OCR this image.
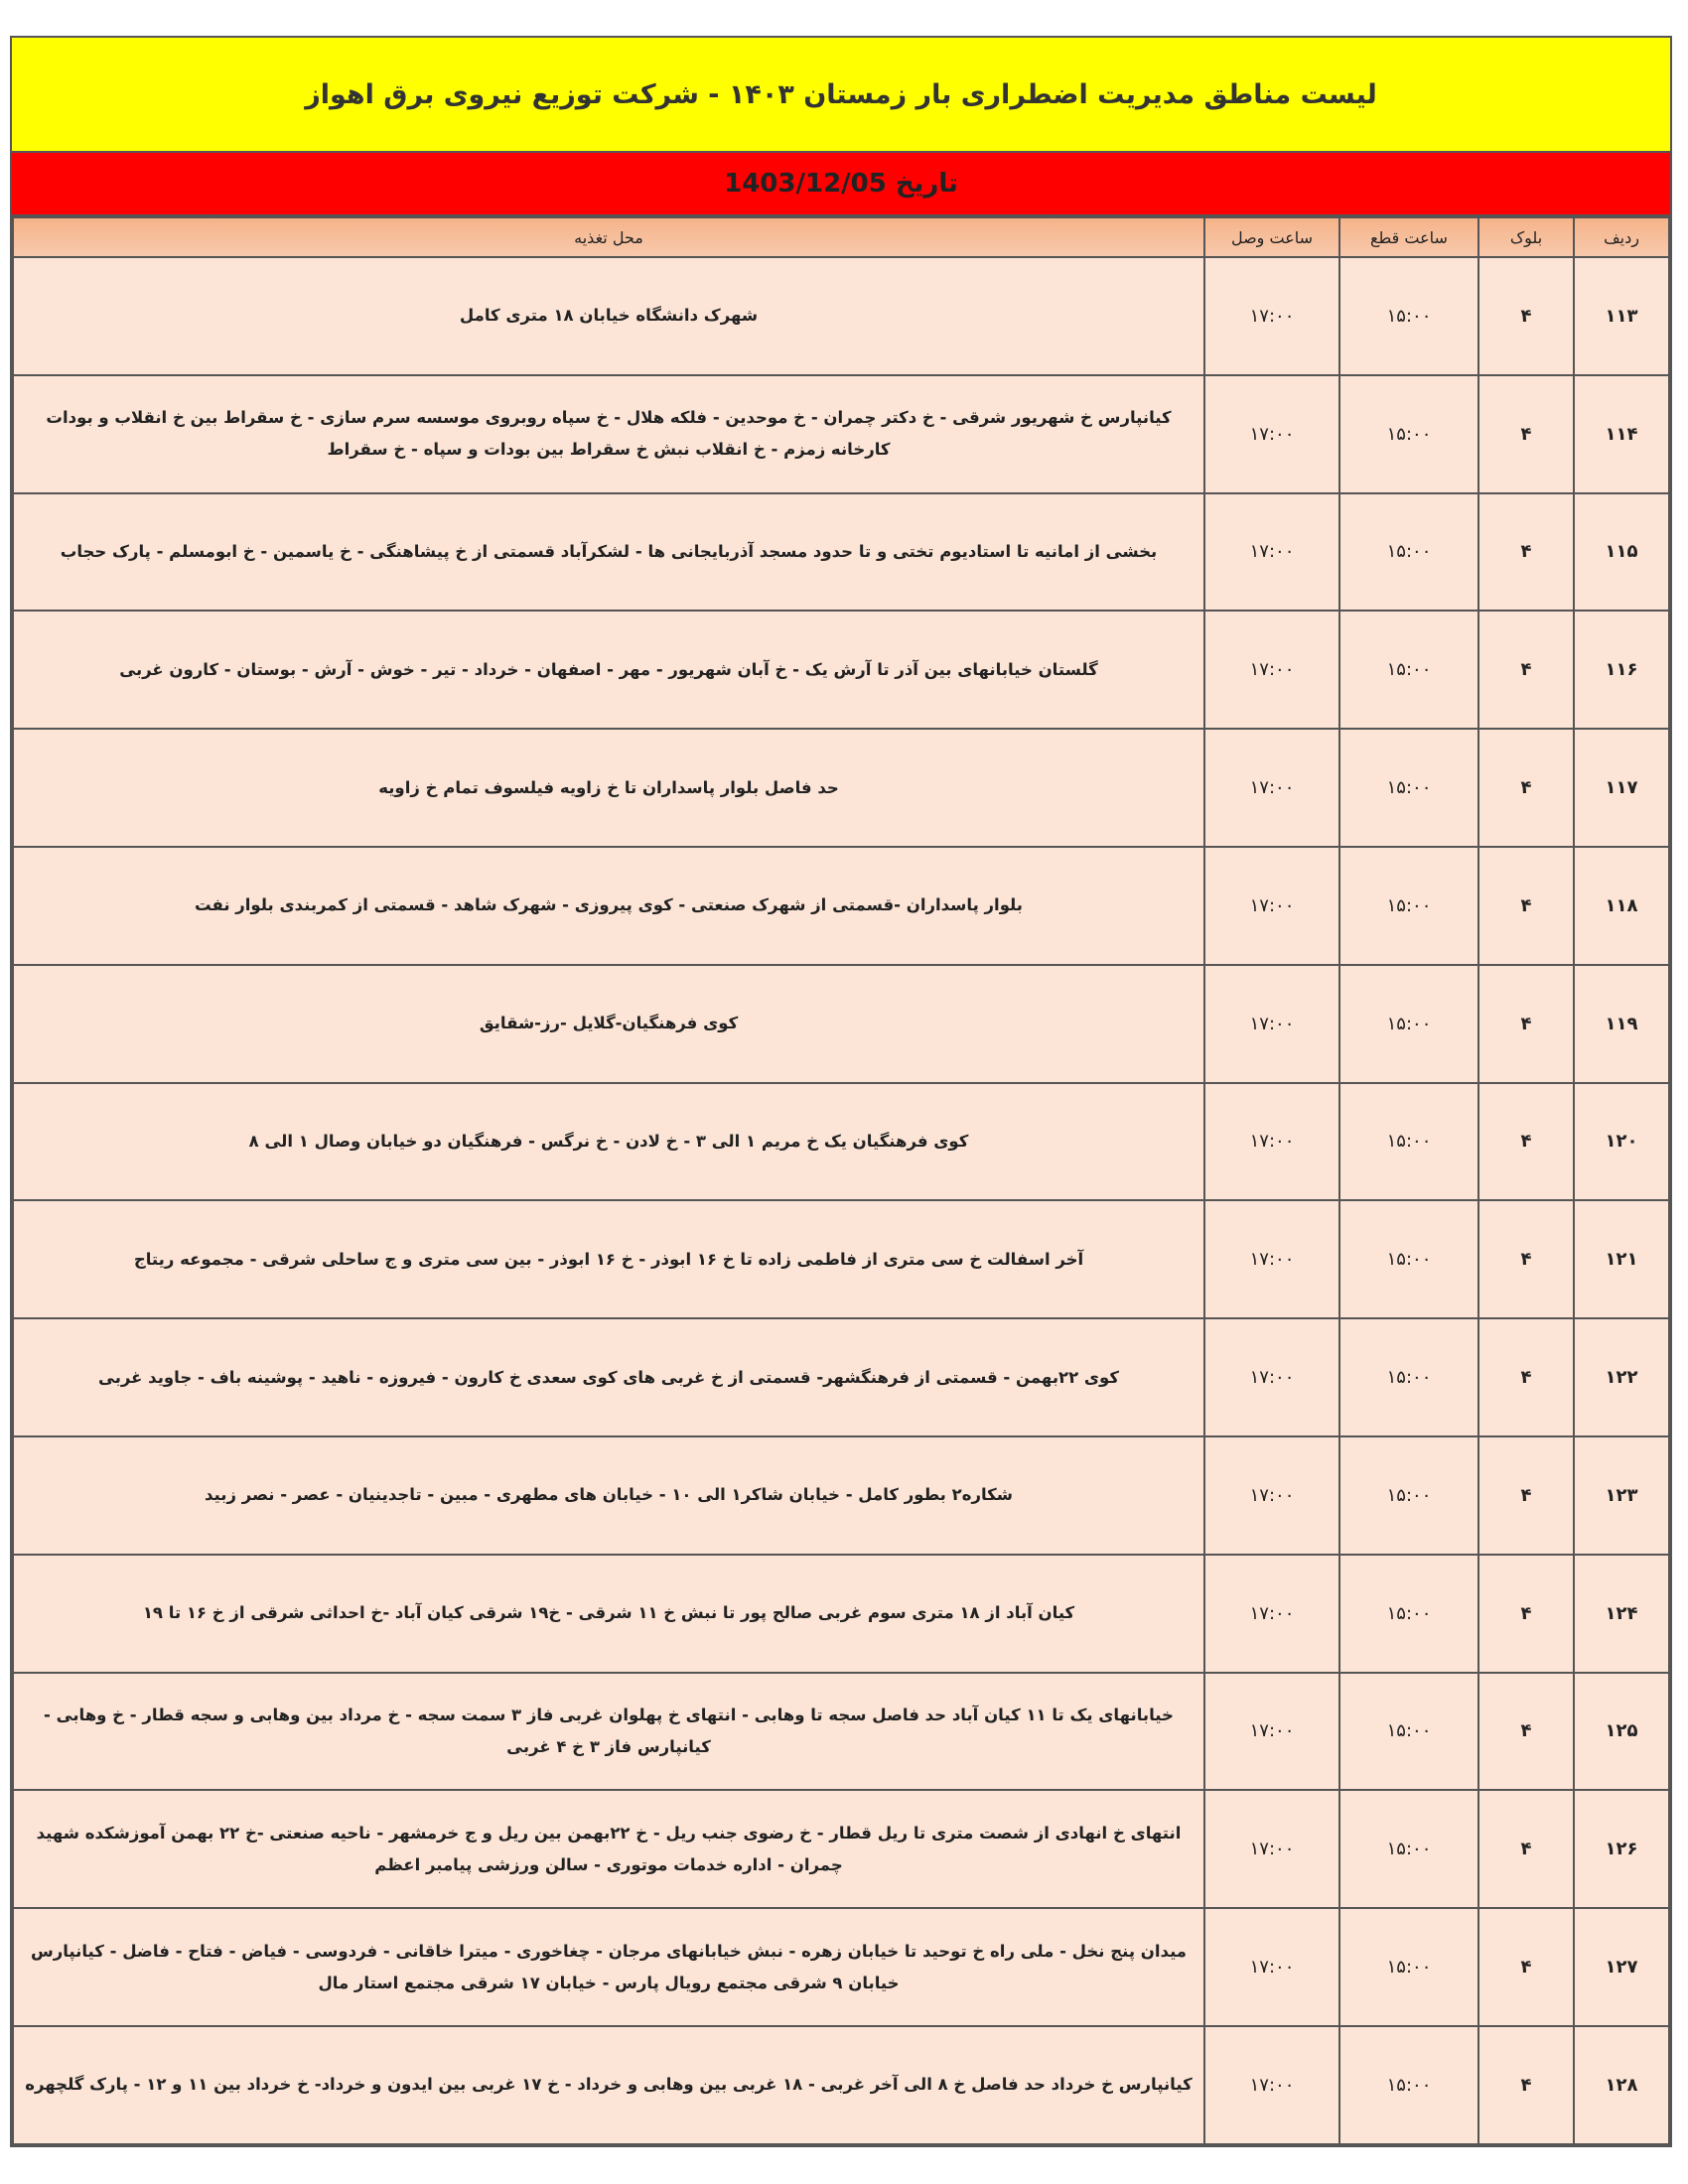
لیست مناطق مدیریت اضطراری بار زمستان ۱۴۰۳ - شرکت توزیع نیروی برق اهواز
تاریخ 1403/12/05
ردیف	بلوک	ساعت قطع	ساعت وصل	محل تغذیه
۱۱۳	۴	۱۵:۰۰	۱۷:۰۰	شهرک دانشگاه خیابان ۱۸ متری کامل
۱۱۴	۴	۱۵:۰۰	۱۷:۰۰	کیانپارس خ شهریور شرقی - خ دکتر چمران - خ موحدین - فلکه هلال - خ سپاه روبروی موسسه سرم سازی - خ سقراط بین خ انقلاب و بودات کارخانه زمزم - خ انقلاب نبش خ سقراط بین بودات و سپاه - خ سقراط
۱۱۵	۴	۱۵:۰۰	۱۷:۰۰	بخشی از امانیه تا استادیوم تختی و تا حدود مسجد آذربایجانی ها - لشکرآباد قسمتی از خ پیشاهنگی - خ یاسمین - خ ابومسلم - پارک حجاب
۱۱۶	۴	۱۵:۰۰	۱۷:۰۰	گلستان خیابانهای بین آذر تا آرش یک - خ آبان شهریور - مهر - اصفهان - خرداد - تیر - خوش - آرش - بوستان - کارون غربی
۱۱۷	۴	۱۵:۰۰	۱۷:۰۰	حد فاصل بلوار پاسداران تا خ زاویه فیلسوف تمام خ زاویه
۱۱۸	۴	۱۵:۰۰	۱۷:۰۰	بلوار پاسداران -قسمتی از شهرک صنعتی - کوی پیروزی - شهرک شاهد - قسمتی از کمربندی بلوار نفت
۱۱۹	۴	۱۵:۰۰	۱۷:۰۰	کوی فرهنگیان-گلایل -رز-شقایق
۱۲۰	۴	۱۵:۰۰	۱۷:۰۰	کوی فرهنگیان یک خ مریم ۱ الی ۳ - خ لادن - خ نرگس - فرهنگیان دو خیابان وصال ۱ الی ۸
۱۲۱	۴	۱۵:۰۰	۱۷:۰۰	آخر اسفالت خ سی متری از فاطمی زاده تا خ ۱۶ ابوذر - خ ۱۶ ابوذر - بین سی متری و ج ساحلی شرقی - مجموعه ریتاج
۱۲۲	۴	۱۵:۰۰	۱۷:۰۰	کوی ۲۲بهمن - قسمتی از فرهنگشهر- قسمتی از خ غربی های کوی سعدی خ کارون - فیروزه - ناهید - پوشینه باف - جاوید غربی
۱۲۳	۴	۱۵:۰۰	۱۷:۰۰	شکاره۲ بطور کامل - خیابان شاکر۱ الی ۱۰ - خیابان های مطهری - مبین - تاجدینیان - عصر - نصر زبید
۱۲۴	۴	۱۵:۰۰	۱۷:۰۰	کیان آباد از ۱۸ متری سوم غربی صالح پور تا نبش خ ۱۱ شرقی - خ۱۹ شرقی کیان آباد -خ احداثی شرقی از خ ۱۶ تا ۱۹
۱۲۵	۴	۱۵:۰۰	۱۷:۰۰	خیابانهای یک تا ۱۱ کیان آباد حد فاصل سجه تا وهابی - انتهای خ پهلوان غربی فاز ۳ سمت سجه - خ مرداد بین وهابی و سجه قطار - خ وهابی - کیانپارس فاز ۳ خ ۴ غربی
۱۲۶	۴	۱۵:۰۰	۱۷:۰۰	انتهای خ انهادی از شصت متری تا ریل قطار - خ رضوی جنب ریل - خ ۲۲بهمن بین ریل و ج خرمشهر - ناحیه صنعتی -خ ۲۲ بهمن آموزشکده شهید چمران - اداره خدمات موتوری - سالن ورزشی پیامبر اعظم
۱۲۷	۴	۱۵:۰۰	۱۷:۰۰	میدان پنج نخل - ملی راه خ توحید تا خیابان زهره - نبش خیابانهای مرجان - چغاخوری - میترا خاقانی - فردوسی - فیاض - فتاح - فاضل - کیانپارس خیابان ۹ شرقی مجتمع رویال پارس - خیابان ۱۷ شرقی مجتمع استار مال
۱۲۸	۴	۱۵:۰۰	۱۷:۰۰	کیانپارس خ خرداد حد فاصل خ ۸ الی آخر غربی - ۱۸ غربی بین وهابی و خرداد - خ ۱۷ غربی بین ایدون و خرداد- خ خرداد بین ۱۱ و ۱۲ - پارک گلچهره
